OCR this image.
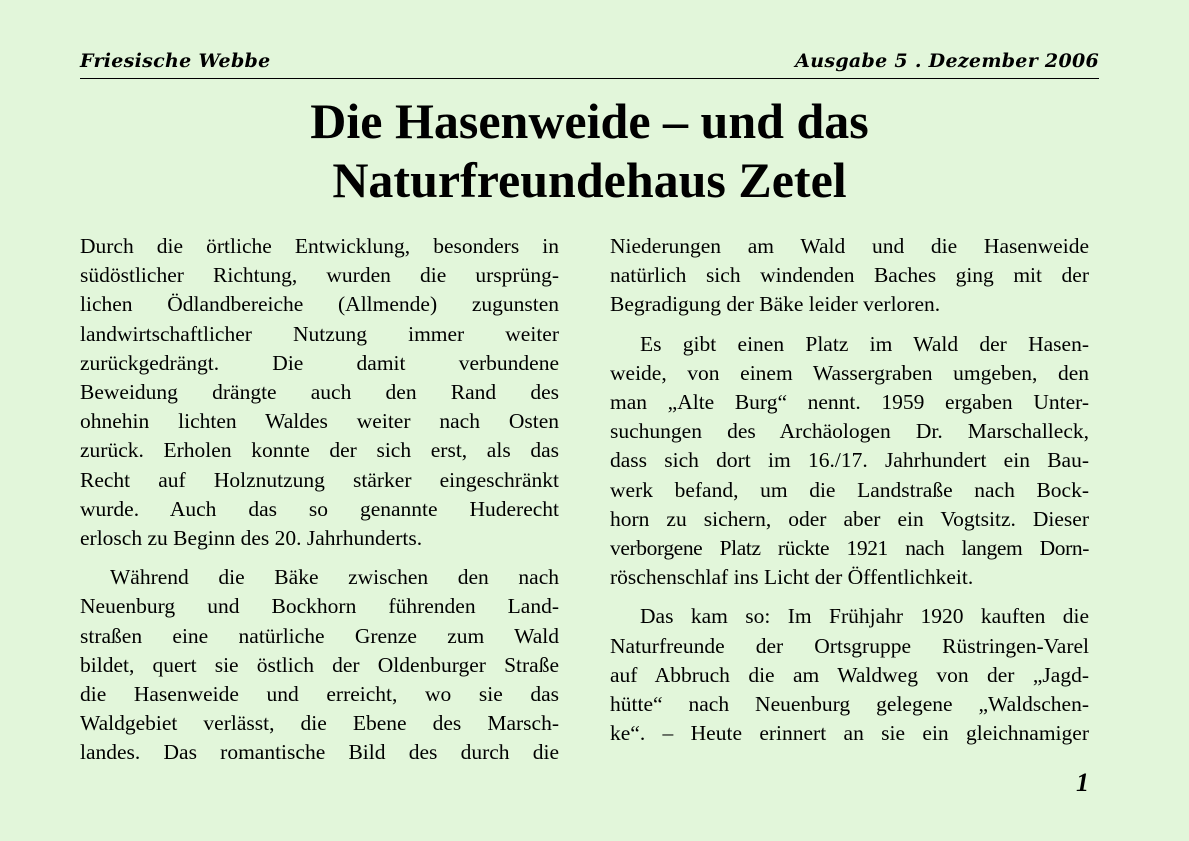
Friesische Webbe	Ausgabe 5 . Dezember 2006
Die Hasenweide – und das
Naturfreundehaus Zetel

Durch die örtliche Entwicklung, besonders in
südöstlicher Richtung, wurden die ursprüng-
lichen Ödlandbereiche (Allmende) zugunsten
landwirtschaftlicher Nutzung immer weiter
zurückgedrängt. Die damit verbundene
Beweidung drängte auch den Rand des
ohnehin lichten Waldes weiter nach Osten
zurück. Erholen konnte der sich erst, als das
Recht auf Holznutzung stärker eingeschränkt
wurde. Auch das so genannte Huderecht
erlosch zu Beginn des 20. Jahrhunderts.

Während die Bäke zwischen den nach
Neuenburg und Bockhorn führenden Land-
straßen eine natürliche Grenze zum Wald
bildet, quert sie östlich der Oldenburger Straße
die Hasenweide und erreicht, wo sie das
Waldgebiet verlässt, die Ebene des Marsch-
landes. Das romantische Bild des durch die

Niederungen am Wald und die Hasenweide
natürlich sich windenden Baches ging mit der
Begradigung der Bäke leider verloren.

Es gibt einen Platz im Wald der Hasen-
weide, von einem Wassergraben umgeben, den
man „Alte Burg“ nennt. 1959 ergaben Unter-
suchungen des Archäologen Dr. Marschalleck,
dass sich dort im 16./17. Jahrhundert ein Bau-
werk befand, um die Landstraße nach Bock-
horn zu sichern, oder aber ein Vogtsitz. Dieser
verborgene Platz rückte 1921 nach langem Dorn-
röschenschlaf ins Licht der Öffentlichkeit.

Das kam so: Im Frühjahr 1920 kauften die
Naturfreunde der Ortsgruppe Rüstringen-Varel
auf Abbruch die am Waldweg von der „Jagd-
hütte“ nach Neuenburg gelegene „Waldschen-
ke“. – Heute erinnert an sie ein gleichnamiger

1
